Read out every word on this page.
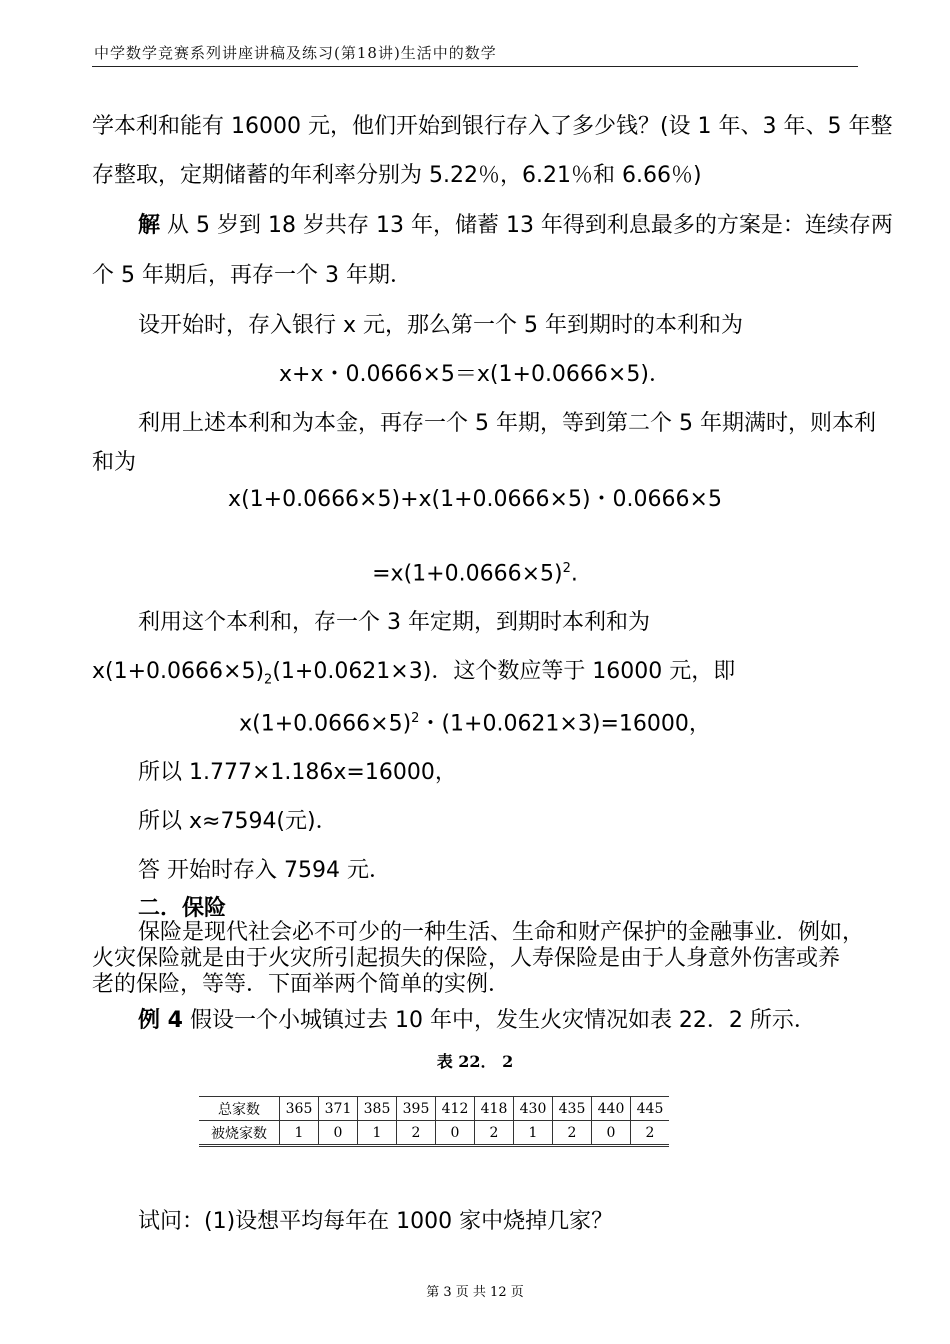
中学数学竞赛系列讲座讲稿及练习(第18讲)生活中的数学
学本利和能有 16000 元，他们开始到银行存入了多少钱？(设 1 年、3 年、5 年整
存整取，定期储蓄的年利率分别为 5.22％，6.21％和 6.66％)
解 从 5 岁到 18 岁共存 13 年，储蓄 13 年得到利息最多的方案是：连续存两
个 5 年期后，再存一个 3 年期．
设开始时，存入银行 x 元，那么第一个 5 年到期时的本利和为
x+x・0.0666×5＝x(1+0.0666×5)．
利用上述本利和为本金，再存一个 5 年期，等到第二个 5 年期满时，则本利
和为
x(1+0.0666×5)+x(1+0.0666×5)・0.0666×5
$=x(1+0.0666\times 5)^2$.
利用这个本利和，存一个 3 年定期，到期时本利和为
$x(1+0.0666\times 5)_2(1+0.0621\times 3)$．这个数应等于 16000 元，即
$x(1+0.0666\times 5)^2$・(1+0.0621×3)=16000，
所以 1.777×1.186x=16000，
所以 x≈7594(元)．
答 开始时存入 7594 元．
二．保险
保险是现代社会必不可少的一种生活、生命和财产保护的金融事业．例如，
火灾保险就是由于火灾所引起损失的保险，人寿保险是由于人身意外伤害或养
老的保险，等等．下面举两个简单的实例．
例 4 假设一个小城镇过去 10 年中，发生火灾情况如表 22．2 所示．
表 22． 2
总家数	365	371	385	395	412	418	430	435	440	445
被烧家数	1	0	1	2	0	2	1	2	0	2
试问：(1)设想平均每年在 1000 家中烧掉几家？
第 3 页 共 12 页
